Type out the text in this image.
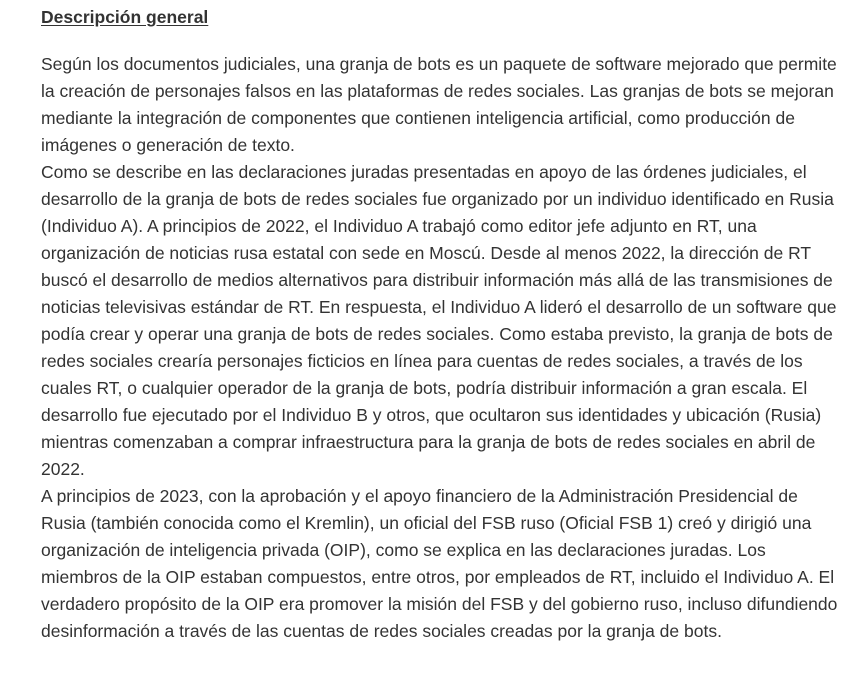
Descripción general

Según los documentos judiciales, una granja de bots es un paquete de software mejorado que permite la creación de personajes falsos en las plataformas de redes sociales. Las granjas de bots se mejoran mediante la integración de componentes que contienen inteligencia artificial, como producción de imágenes o generación de texto.

Como se describe en las declaraciones juradas presentadas en apoyo de las órdenes judiciales, el desarrollo de la granja de bots de redes sociales fue organizado por un individuo identificado en Rusia (Individuo A). A principios de 2022, el Individuo A trabajó como editor jefe adjunto en RT, una organización de noticias rusa estatal con sede en Moscú. Desde al menos 2022, la dirección de RT buscó el desarrollo de medios alternativos para distribuir información más allá de las transmisiones de noticias televisivas estándar de RT. En respuesta, el Individuo A lideró el desarrollo de un software que podía crear y operar una granja de bots de redes sociales. Como estaba previsto, la granja de bots de redes sociales crearía personajes ficticios en línea para cuentas de redes sociales, a través de los cuales RT, o cualquier operador de la granja de bots, podría distribuir información a gran escala. El desarrollo fue ejecutado por el Individuo B y otros, que ocultaron sus identidades y ubicación (Rusia) mientras comenzaban a comprar infraestructura para la granja de bots de redes sociales en abril de 2022.

A principios de 2023, con la aprobación y el apoyo financiero de la Administración Presidencial de Rusia (también conocida como el Kremlin), un oficial del FSB ruso (Oficial FSB 1) creó y dirigió una organización de inteligencia privada (OIP), como se explica en las declaraciones juradas. Los miembros de la OIP estaban compuestos, entre otros, por empleados de RT, incluido el Individuo A. El verdadero propósito de la OIP era promover la misión del FSB y del gobierno ruso, incluso difundiendo desinformación a través de las cuentas de redes sociales creadas por la granja de bots.
